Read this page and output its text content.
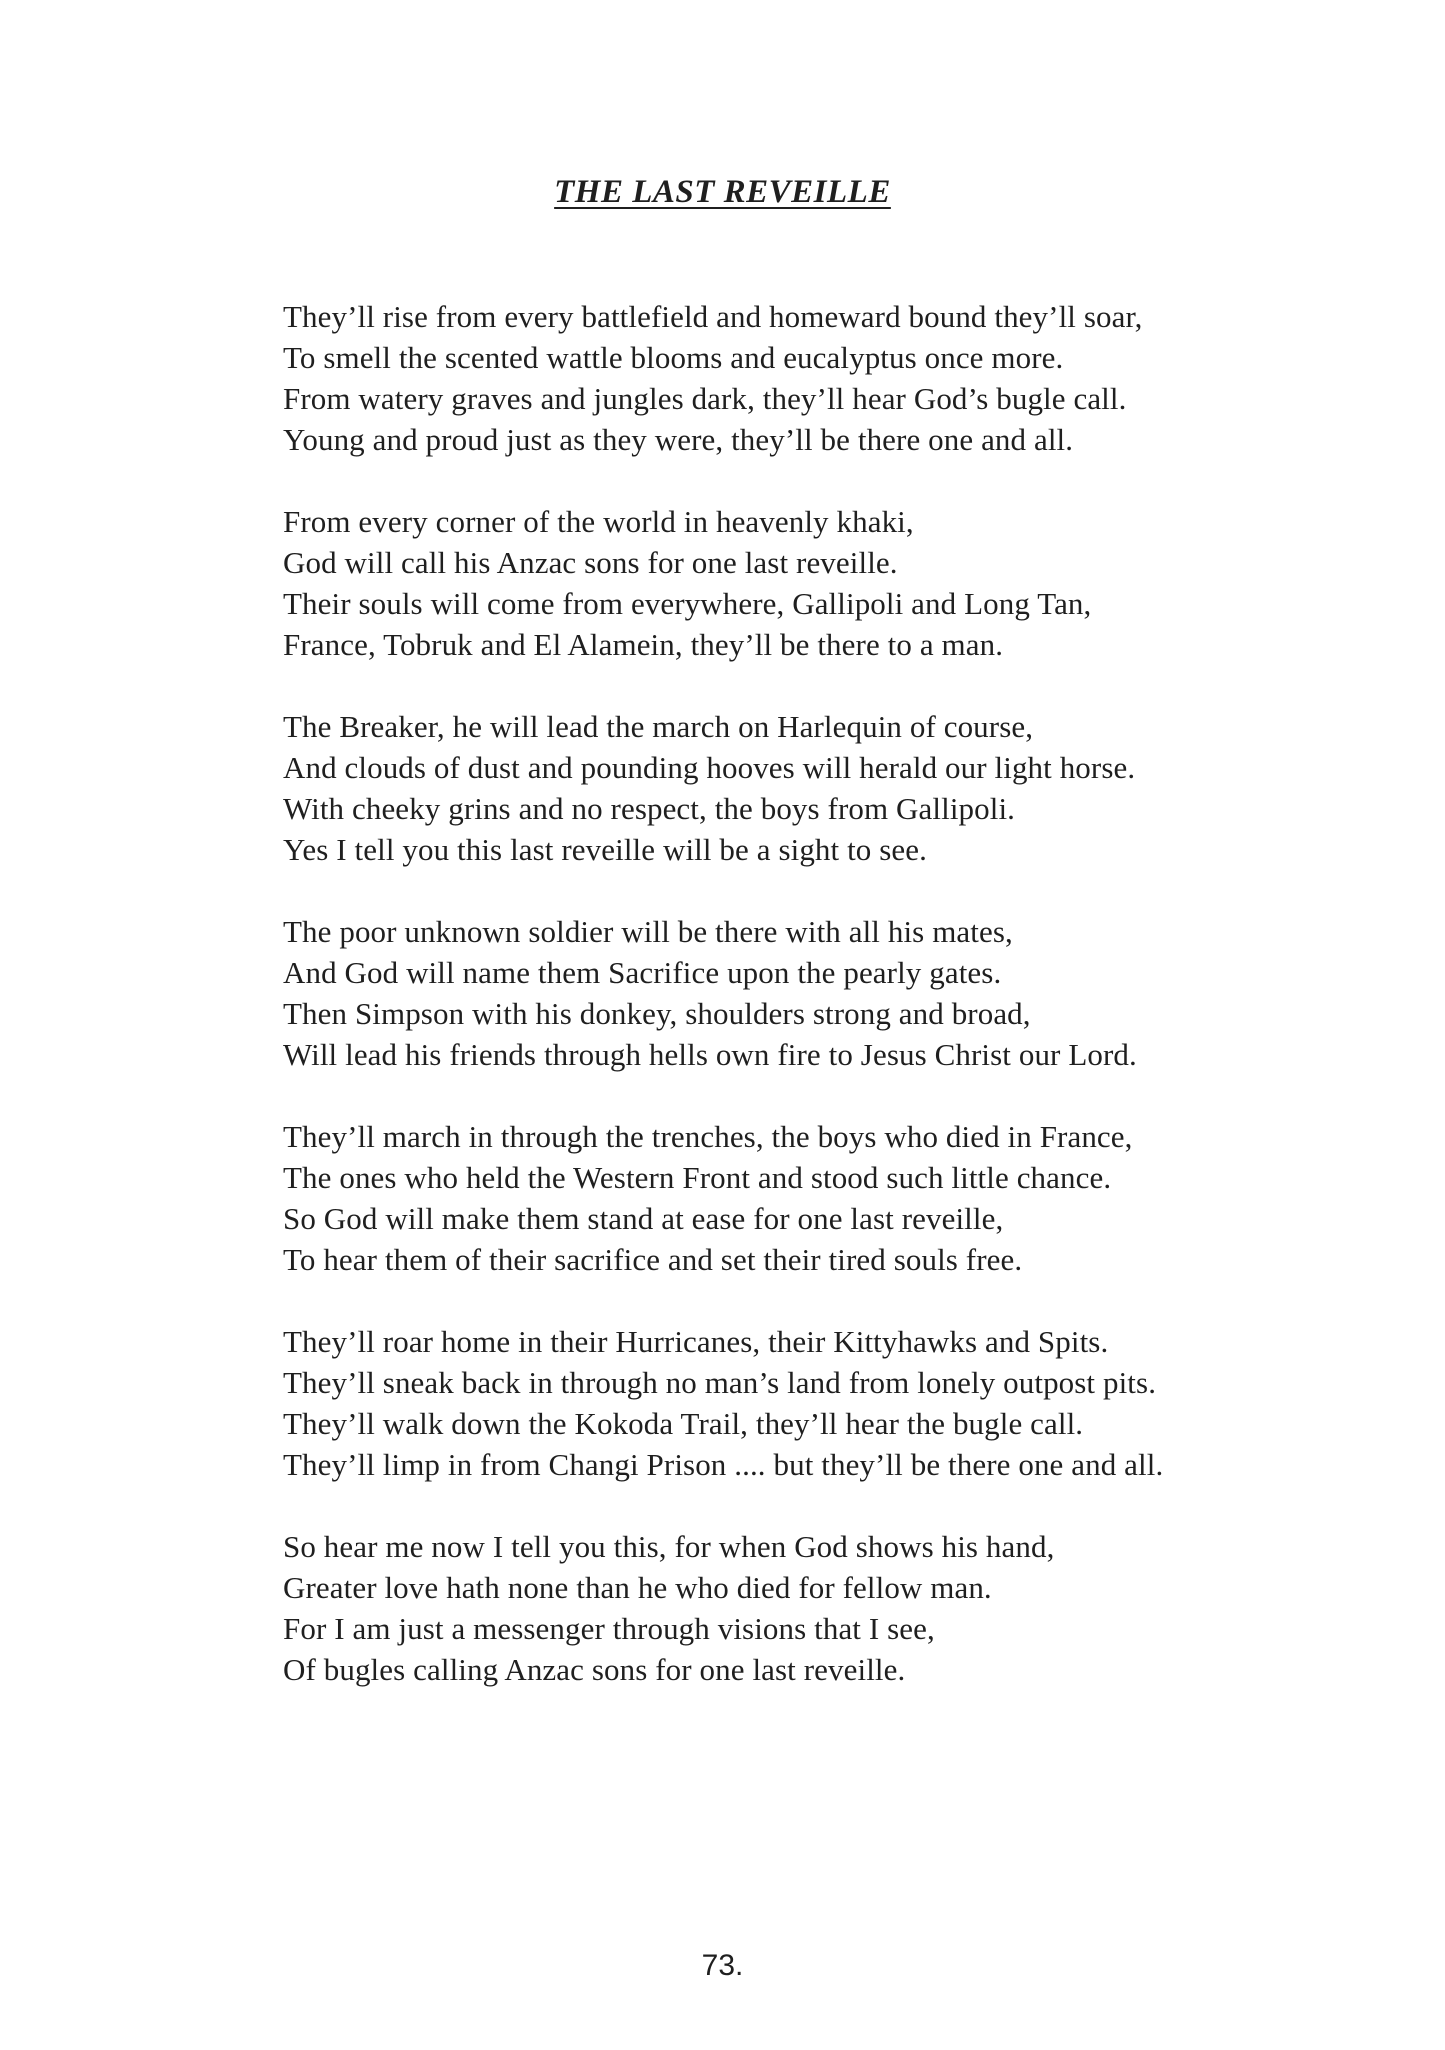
THE LAST REVEILLE

They’ll rise from every battlefield and homeward bound they’ll soar,
To smell the scented wattle blooms and eucalyptus once more.
From watery graves and jungles dark, they’ll hear God’s bugle call.
Young and proud just as they were, they’ll be there one and all.

From every corner of the world in heavenly khaki,
God will call his Anzac sons for one last reveille.
Their souls will come from everywhere, Gallipoli and Long Tan,
France, Tobruk and El Alamein, they’ll be there to a man.

The Breaker, he will lead the march on Harlequin of course,
And clouds of dust and pounding hooves will herald our light horse.
With cheeky grins and no respect, the boys from Gallipoli.
Yes I tell you this last reveille will be a sight to see.

The poor unknown soldier will be there with all his mates,
And God will name them Sacrifice upon the pearly gates.
Then Simpson with his donkey, shoulders strong and broad,
Will lead his friends through hells own fire to Jesus Christ our Lord.

They’ll march in through the trenches, the boys who died in France,
The ones who held the Western Front and stood such little chance.
So God will make them stand at ease for one last reveille,
To hear them of their sacrifice and set their tired souls free.

They’ll roar home in their Hurricanes, their Kittyhawks and Spits.
They’ll sneak back in through no man’s land from lonely outpost pits.
They’ll walk down the Kokoda Trail, they’ll hear the bugle call.
They’ll limp in from Changi Prison .... but they’ll be there one and all.

So hear me now I tell you this, for when God shows his hand,
Greater love hath none than he who died for fellow man.
For I am just a messenger through visions that I see,
Of bugles calling Anzac sons for one last reveille.

73.
